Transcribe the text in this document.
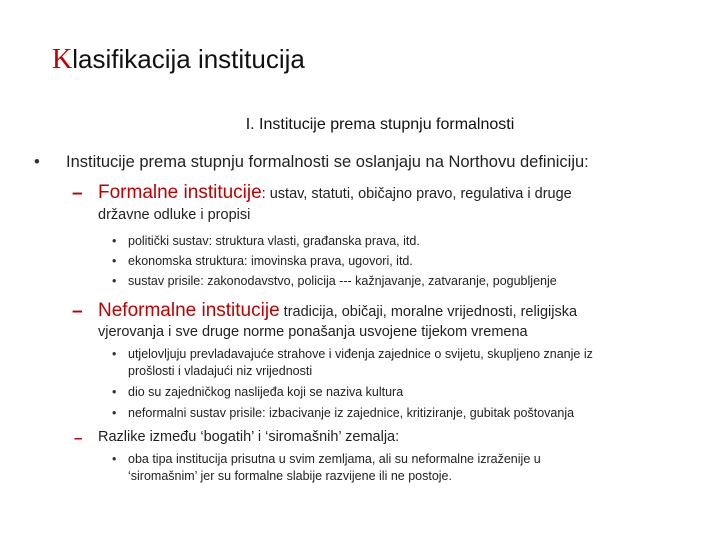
Klasifikacija institucija
I. Institucije prema stupnju formalnosti
• Institucije prema stupnju formalnosti se oslanjaju na Northovu definiciju:
– Formalne institucije: ustav, statuti, običajno pravo, regulativa i druge
državne odluke i propisi
• politički sustav: struktura vlasti, građanska prava, itd.
• ekonomska struktura: imovinska prava, ugovori, itd.
• sustav prisile: zakonodavstvo, policija --- kažnjavanje, zatvaranje, pogubljenje
– Neformalne institucije tradicija, običaji, moralne vrijednosti, religijska
vjerovanja i sve druge norme ponašanja usvojene tijekom vremena
• utjelovljuju prevladavajuće strahove i viđenja zajednice o svijetu, skupljeno znanje iz
prošlosti i vladajući niz vrijednosti
• dio su zajedničkog naslijeđa koji se naziva kultura
• neformalni sustav prisile: izbacivanje iz zajednice, kritiziranje, gubitak poštovanja
– Razlike između ‘bogatih’ i ‘siromašnih’ zemalja:
• oba tipa institucija prisutna u svim zemljama, ali su neformalne izraženije u
‘siromašnim’ jer su formalne slabije razvijene ili ne postoje.
